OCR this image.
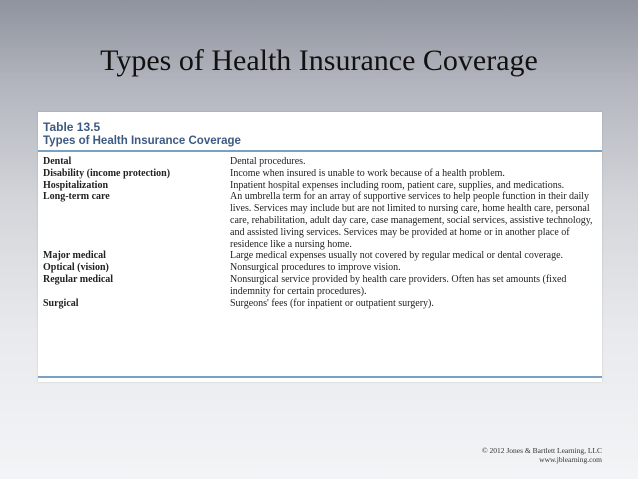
Types of Health Insurance Coverage
Table 13.5
Types of Health Insurance Coverage
Dental	Dental procedures.
Disability (income protection)	Income when insured is unable to work because of a health problem.
Hospitalization	Inpatient hospital expenses including room, patient care, supplies, and medications.
Long-term care	An umbrella term for an array of supportive services to help people function in their daily lives. Services may include but are not limited to nursing care, home health care, personal care, rehabilitation, adult day care, case management, social services, assistive technology, and assisted living services. Services may be provided at home or in another place of residence like a nursing home.
Major medical	Large medical expenses usually not covered by regular medical or dental coverage.
Optical (vision)	Nonsurgical procedures to improve vision.
Regular medical	Nonsurgical service provided by health care providers. Often has set amounts (fixed indemnity for certain procedures).
Surgical	Surgeons' fees (for inpatient or outpatient surgery).
© 2012 Jones & Bartlett Learning, LLC
www.jblearning.com
